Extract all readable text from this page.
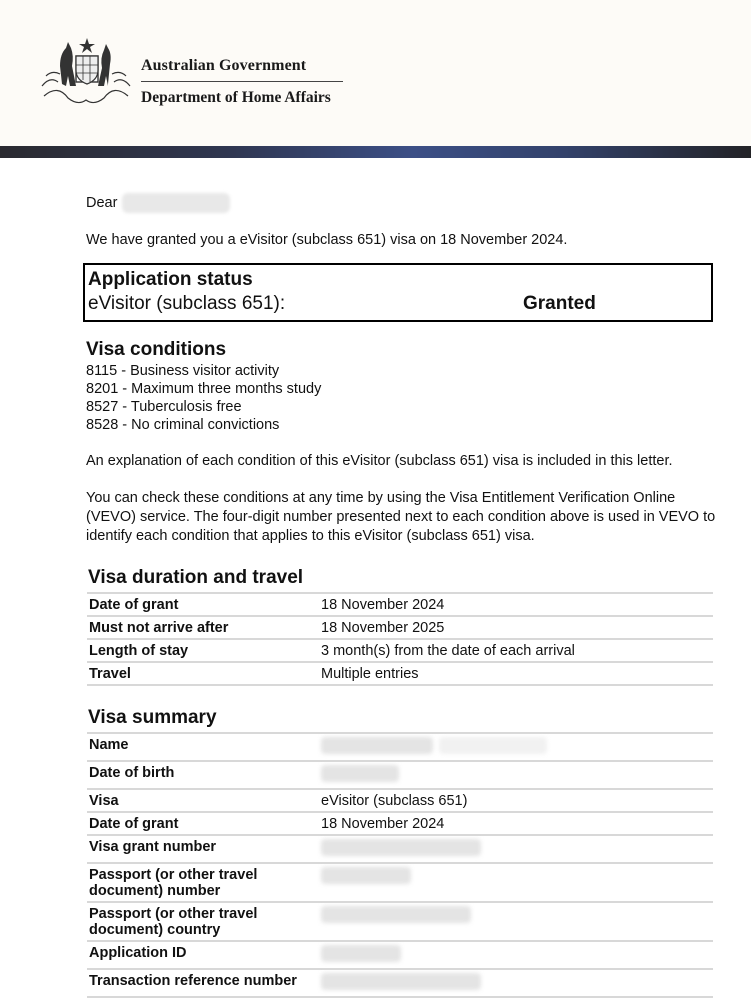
Australian Government
Department of Home Affairs
Dear
We have granted you a eVisitor (subclass 651) visa on 18 November 2024.
Application status
eVisitor (subclass 651):	Granted
Visa conditions
8115 - Business visitor activity
8201 - Maximum three months study
8527 - Tuberculosis free
8528 - No criminal convictions
An explanation of each condition of this eVisitor (subclass 651) visa is included in this letter.
You can check these conditions at any time by using the Visa Entitlement Verification Online (VEVO) service. The four-digit number presented next to each condition above is used in VEVO to identify each condition that applies to this eVisitor (subclass 651) visa.
Visa duration and travel
Date of grant	18 November 2024
Must not arrive after	18 November 2025
Length of stay	3 month(s) from the date of each arrival
Travel	Multiple entries
Visa summary
Name	
Date of birth	
Visa	eVisitor (subclass 651)
Date of grant	18 November 2024
Visa grant number	
Passport (or other travel document) number	
Passport (or other travel document) country	
Application ID	
Transaction reference number	
